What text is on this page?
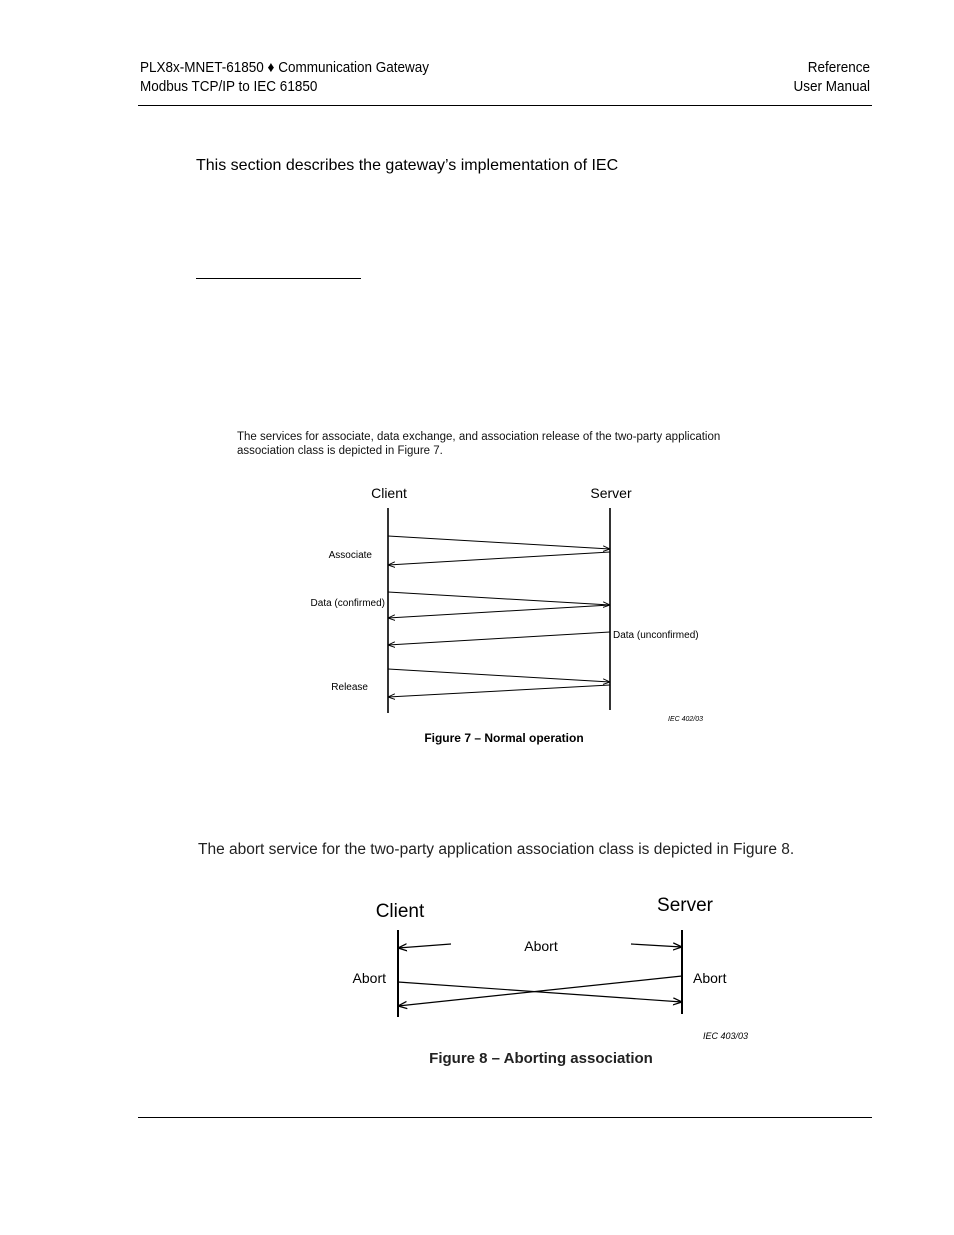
PLX8x-MNET-61850 ♦ Communication Gateway
Modbus TCP/IP to IEC 61850
Reference
User Manual
This section describes the gateway’s implementation of IEC
The services for associate, data exchange, and association release of the two-party application
association class is depicted in Figure 7.
The abort service for the two-party application association class is depicted in Figure 8.
Client	Server
Associate
Data (confirmed)
Data (unconfirmed)
Release
IEC 402/03
Figure 7 – Normal operation
Client	Server
Abort
Abort	Abort
IEC 403/03
Figure 8 – Aborting association
